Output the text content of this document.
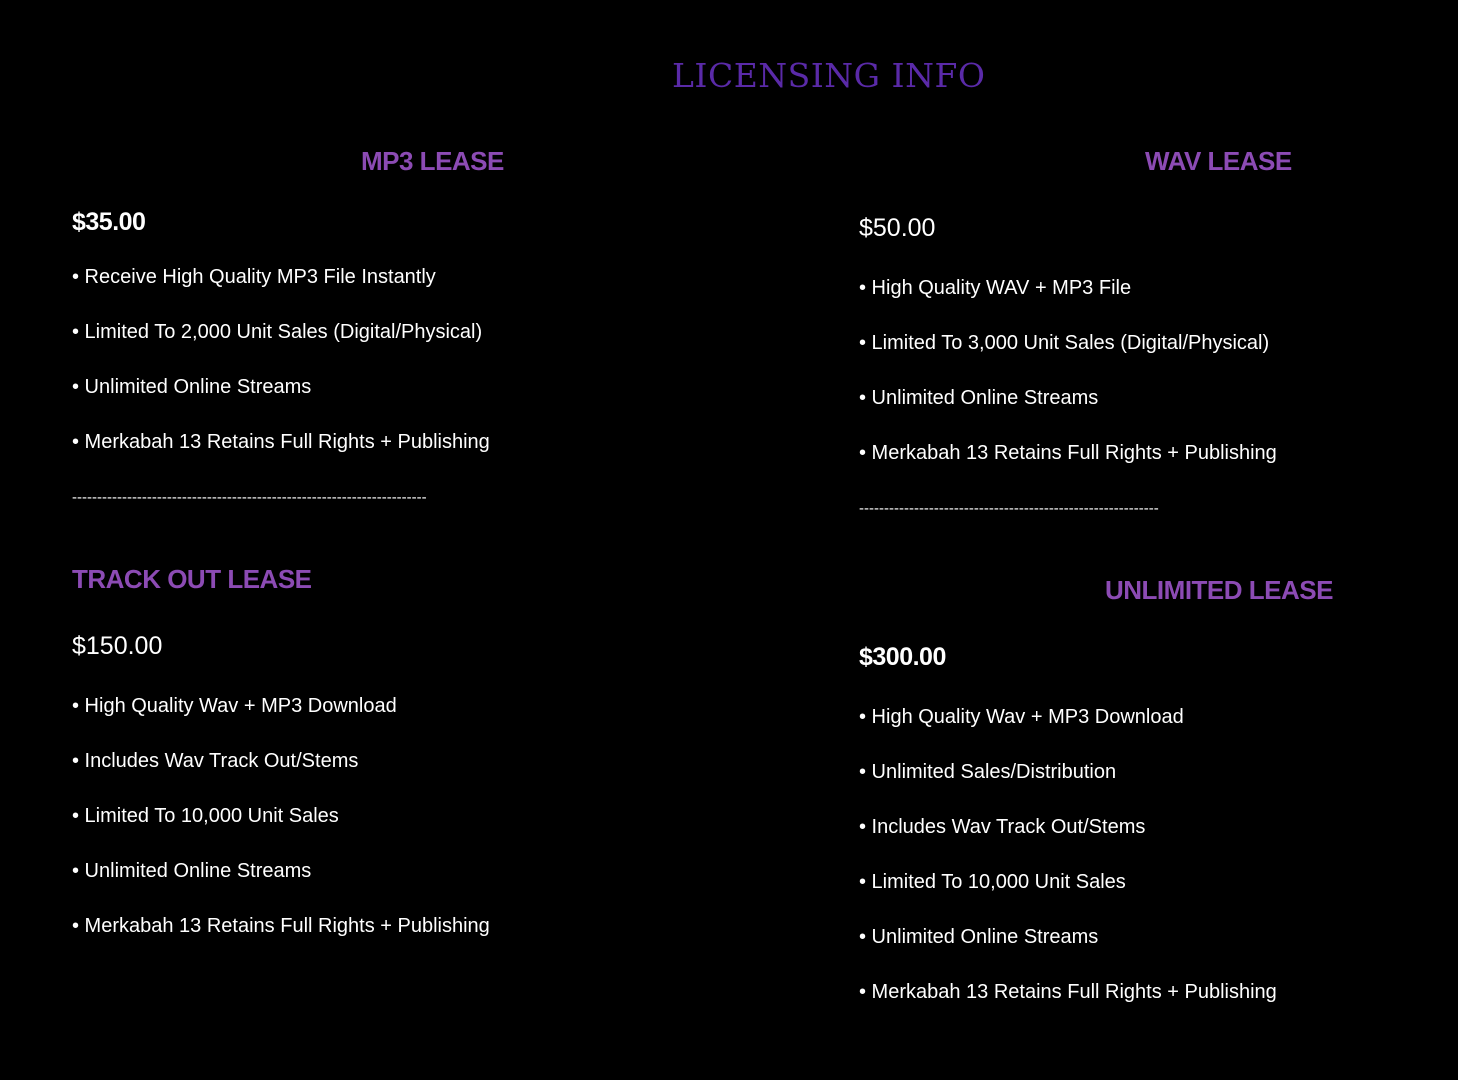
LICENSING INFO
MP3 LEASE

$35.00

• Receive High Quality MP3 File Instantly
• Limited To 2,000 Unit Sales (Digital/Physical)
• Unlimited Online Streams
• Merkabah 13 Retains Full Rights + Publishing

-----------------------------------------------------------------------

WAV LEASE

$50.00

• High Quality WAV + MP3 File
• Limited To 3,000 Unit Sales (Digital/Physical)
• Unlimited Online Streams
• Merkabah 13 Retains Full Rights + Publishing

------------------------------------------------------------

TRACK OUT LEASE

$150.00

• High Quality Wav + MP3 Download
• Includes Wav Track Out/Stems
• Limited To 10,000 Unit Sales
• Unlimited Online Streams
• Merkabah 13 Retains Full Rights + Publishing
UNLIMITED LEASE

$300.00

• High Quality Wav + MP3 Download
• Unlimited Sales/Distribution
• Includes Wav Track Out/Stems
• Limited To 10,000 Unit Sales
• Unlimited Online Streams
• Merkabah 13 Retains Full Rights + Publishing
